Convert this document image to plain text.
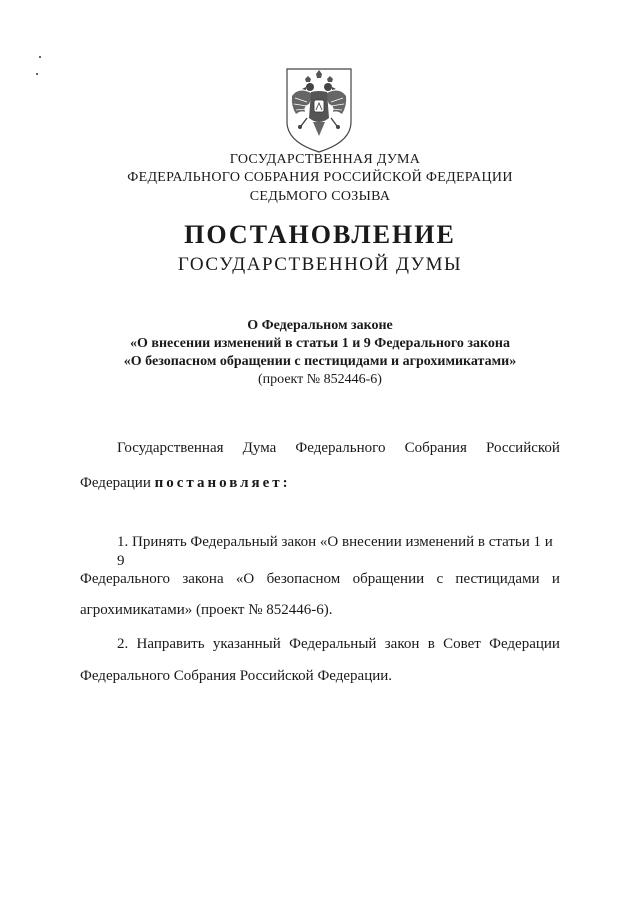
ГОСУДАРСТВЕННАЯ ДУМА
ФЕДЕРАЛЬНОГО СОБРАНИЯ РОССИЙСКОЙ ФЕДЕРАЦИИ
СЕДЬМОГО СОЗЫВА
ПОСТАНОВЛЕНИЕ
ГОСУДАРСТВЕННОЙ ДУМЫ
О Федеральном законе
«О внесении изменений в статьи 1 и 9 Федерального закона
«О безопасном обращении с пестицидами и агрохимикатами»
(проект № 852446-6)
Государственная Дума Федерального Собрания Российской
Федерации постановляет:
1. Принять Федеральный закон «О внесении изменений в статьи 1 и 9
Федерального закона «О безопасном обращении с пестицидами и
агрохимикатами» (проект № 852446-6).
2. Направить указанный Федеральный закон в Совет Федерации
Федерального Собрания Российской Федерации.
